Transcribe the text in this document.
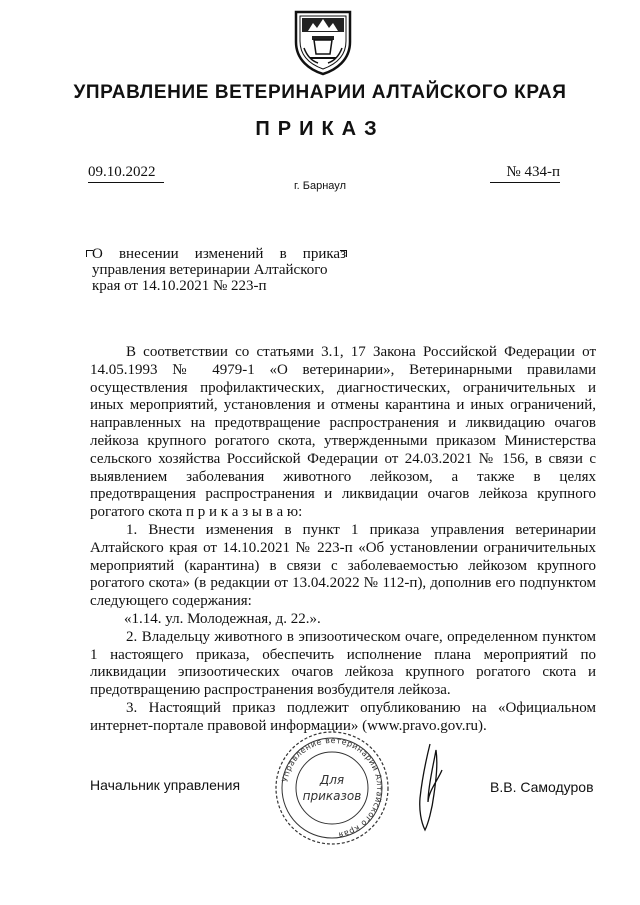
УПРАВЛЕНИЕ ВЕТЕРИНАРИИ АЛТАЙСКОГО КРАЯ
ПРИКАЗ
09.10.2022	№ 434-п
г. Барнаул
О внесении изменений в приказ
управления ветеринарии Алтайского края от 14.10.2021 № 223-п

В соответствии со статьями 3.1, 17 Закона Российской Федерации от 14.05.1993 № 4979-1 «О ветеринарии», Ветеринарными правилами осуществления профилактических, диагностических, ограничительных и иных мероприятий, установления и отмены карантина и иных ограничений, направленных на предотвращение распространения и ликвидацию очагов лейкоза крупного рогатого скота, утвержденными приказом Министерства сельского хозяйства Российской Федерации от 24.03.2021 № 156, в связи с выявлением заболевания животного лейкозом, а также в целях предотвращения распространения и ликвидации очагов лейкоза крупного рогатого скота п р и к а з ы в а ю:

1. Внести изменения в пункт 1 приказа управления ветеринарии Алтайского края от 14.10.2021 № 223-п «Об установлении ограничительных мероприятий (карантина) в связи с заболеваемостью лейкозом крупного рогатого скота» (в редакции от 13.04.2022 № 112-п), дополнив его подпунктом следующего содержания:

«1.14. ул. Молодежная, д. 22.».

2. Владельцу животного в эпизоотическом очаге, определенном пунктом 1 настоящего приказа, обеспечить исполнение плана мероприятий по ликвидации эпизоотических очагов лейкоза крупного рогатого скота и предотвращению распространения возбудителя лейкоза.

3. Настоящий приказ подлежит опубликованию на «Официальном интернет-портале правовой информации» (www.pravo.gov.ru).

Начальник управления	Управление ветеринарии Алтайского края
Для
приказов
В.В. Самодуров
